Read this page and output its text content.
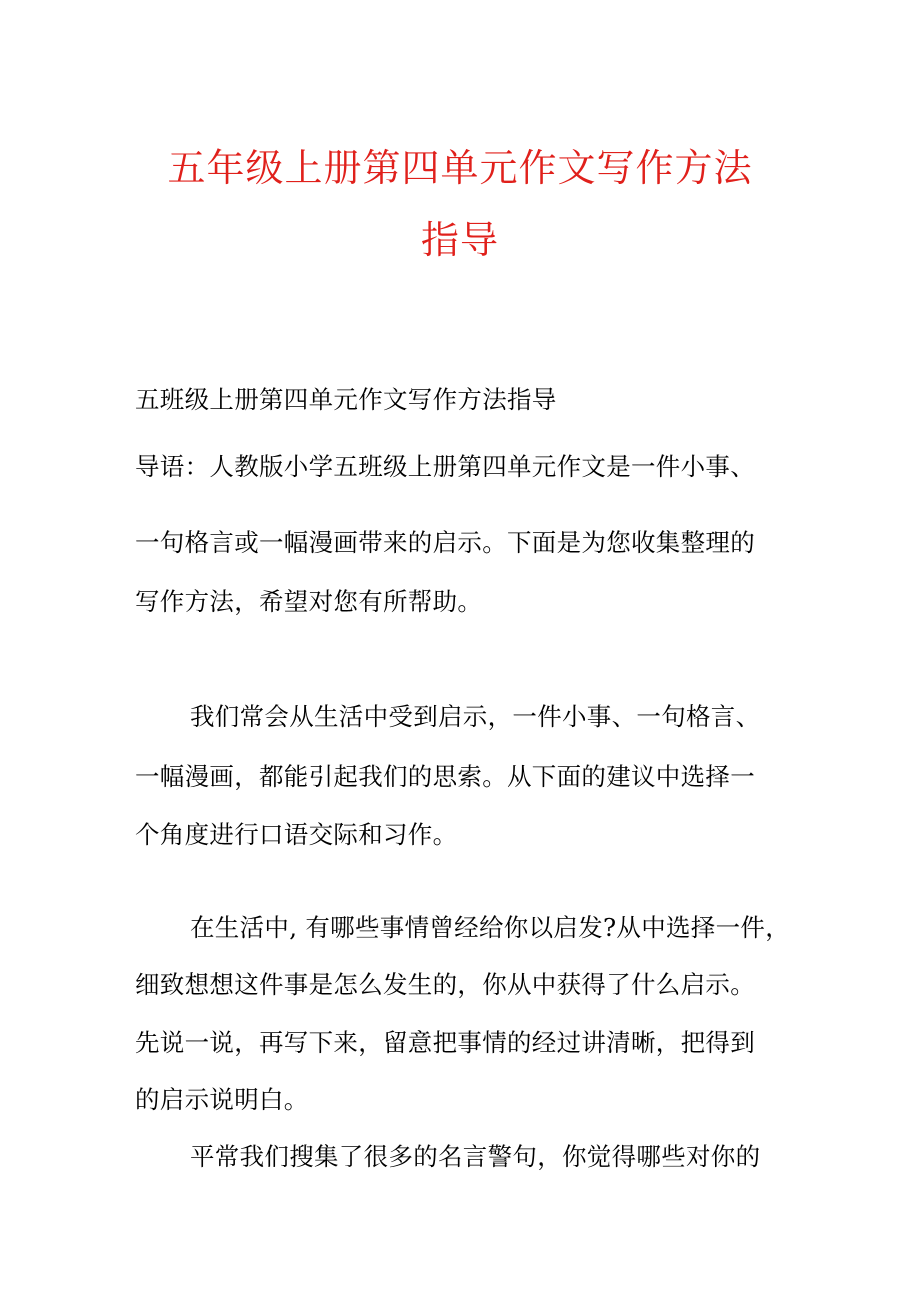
五年级上册第四单元作文写作方法
指导
五班级上册第四单元作文写作方法指导
导语：人教版小学五班级上册第四单元作文是一件小事、
一句格言或一幅漫画带来的启示。下面是为您收集整理的
写作方法，希望对您有所帮助。
我们常会从生活中受到启示，一件小事、一句格言、
一幅漫画，都能引起我们的思索。从下面的建议中选择一
个角度进行口语交际和习作。
在生活中, 有哪些事情曾经给你以启发?从中选择一件，
细致想想这件事是怎么发生的，你从中获得了什么启示。
先说一说，再写下来，留意把事情的经过讲清晰，把得到
的启示说明白。
平常我们搜集了很多的名言警句，你觉得哪些对你的
